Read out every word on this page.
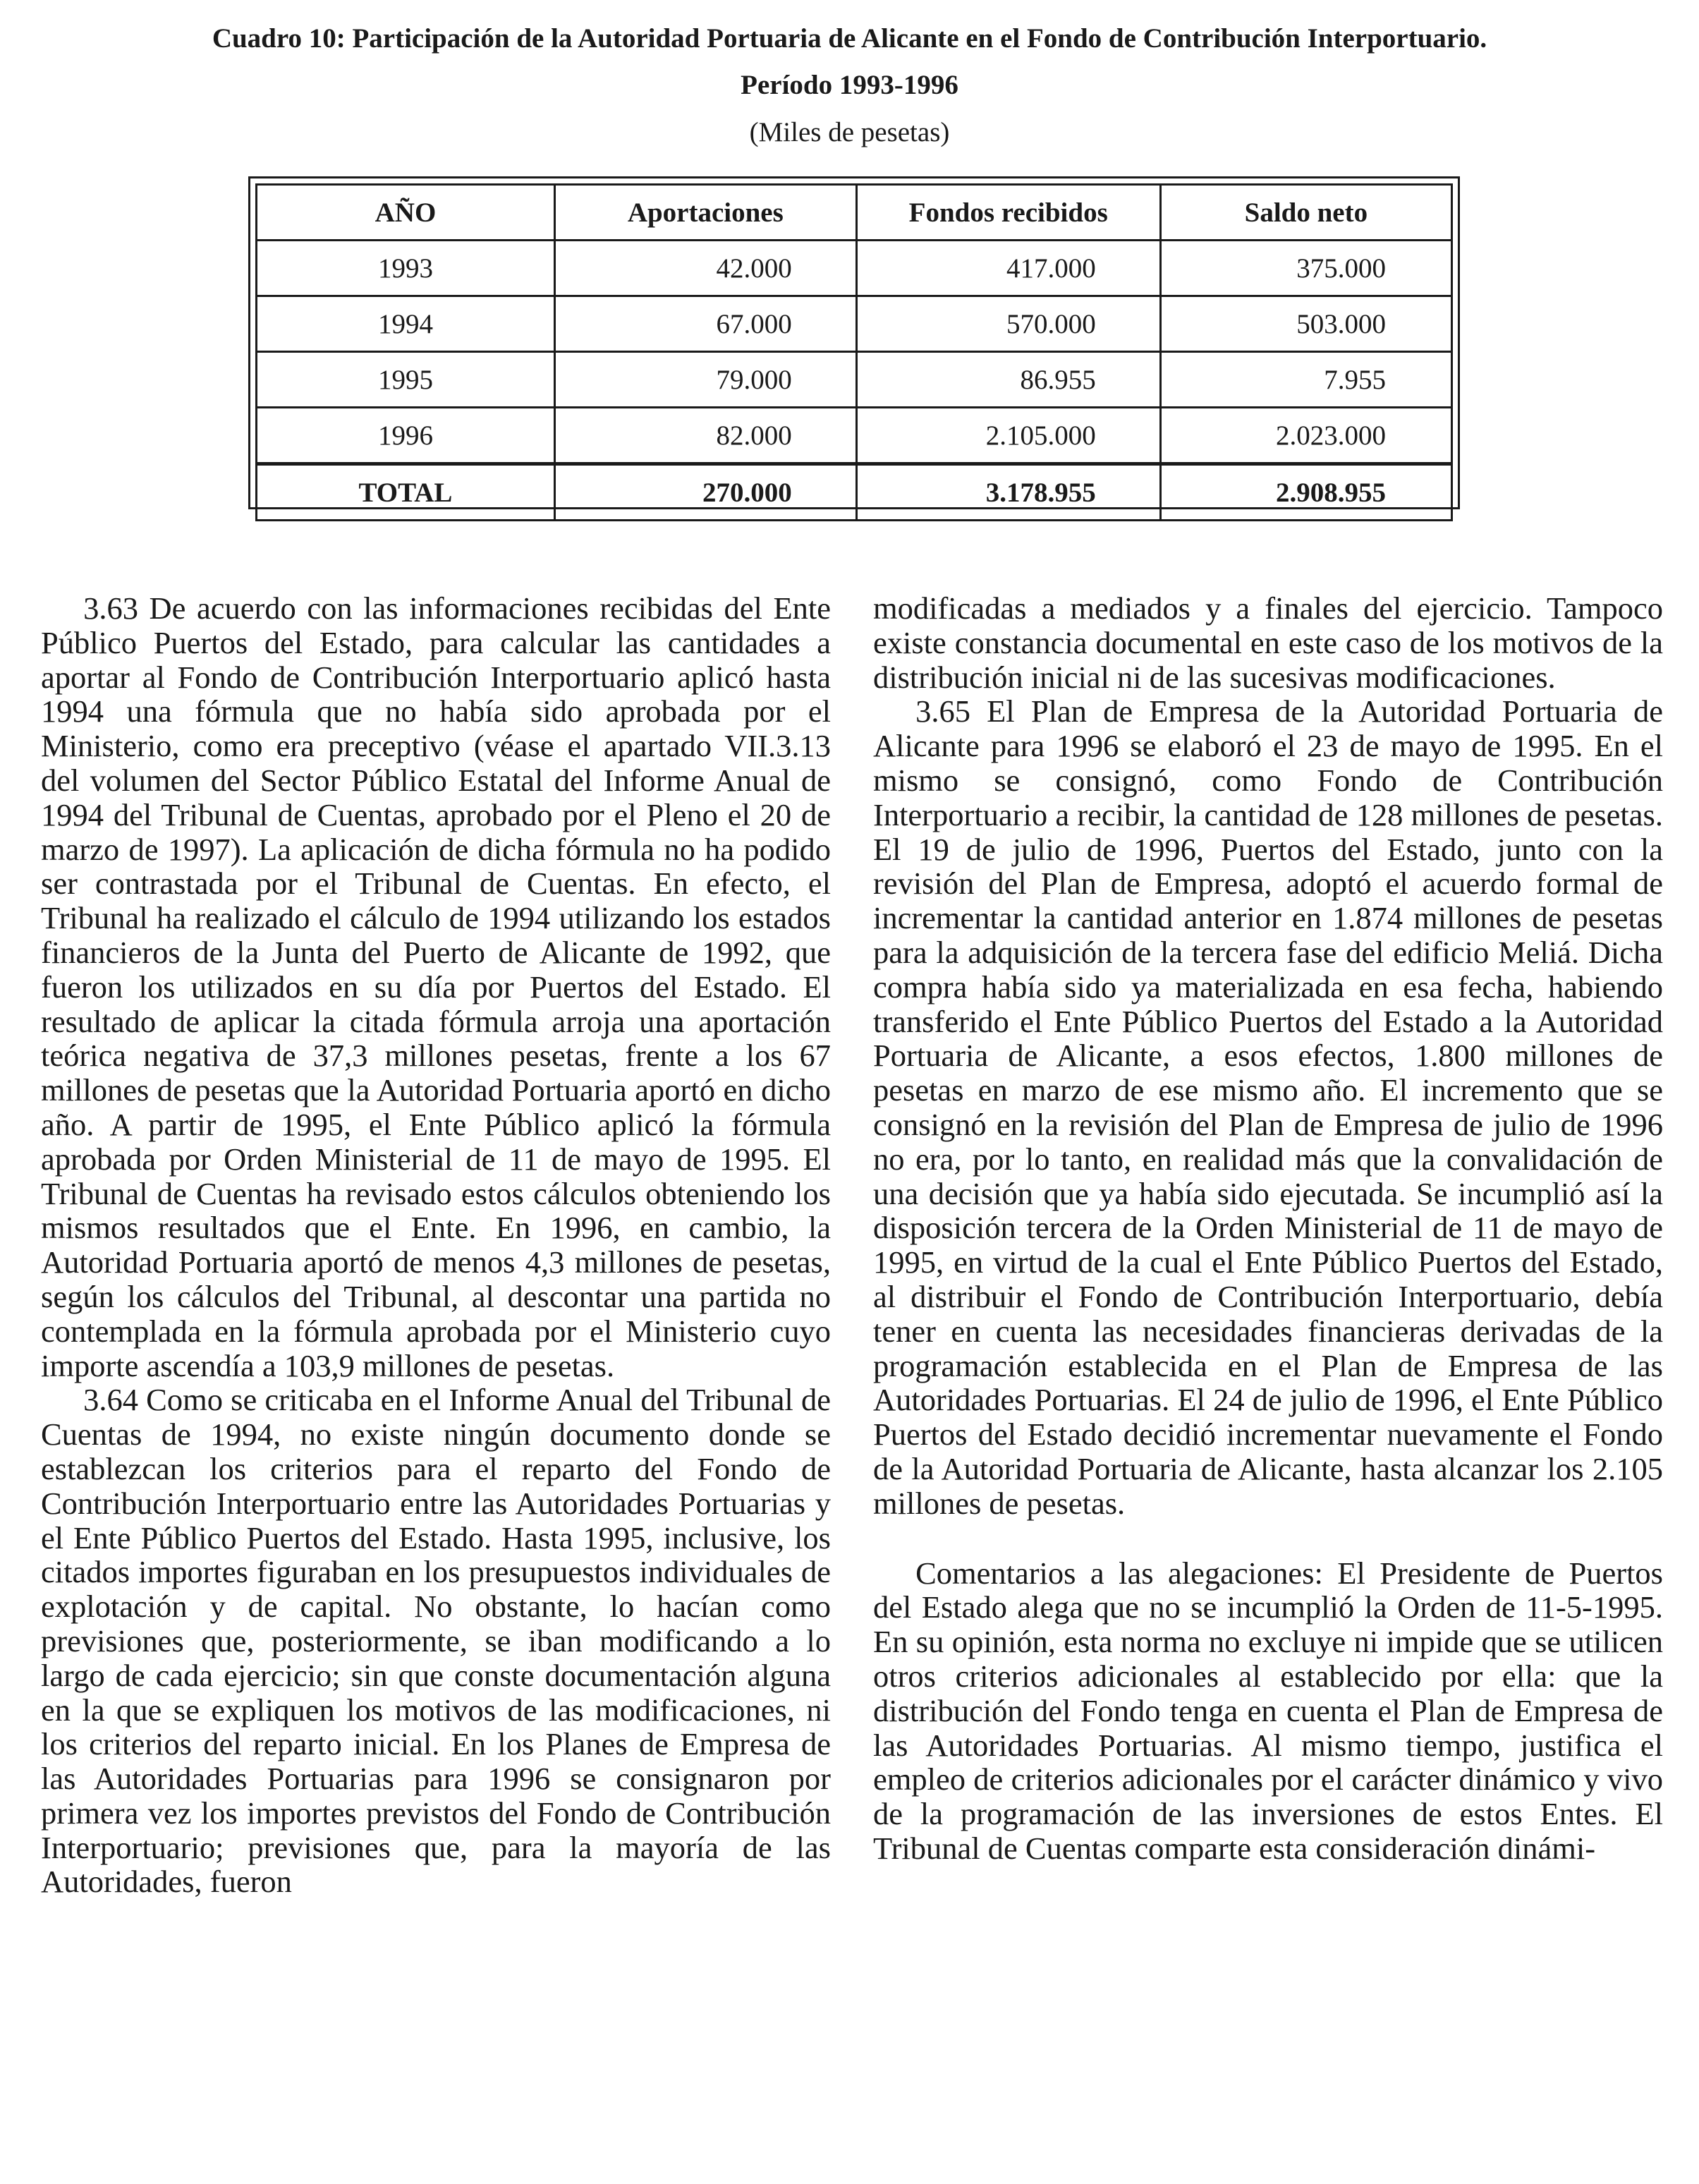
Cuadro 10: Participación de la Autoridad Portuaria de Alicante en el Fondo de Contribución Interportuario.
Período 1993-1996
(Miles de pesetas)
AÑO	Aportaciones	Fondos recibidos	Saldo neto
1993	42.000	417.000	375.000
1994	67.000	570.000	503.000
1995	79.000	86.955	7.955
1996	82.000	2.105.000	2.023.000
TOTAL	270.000	3.178.955	2.908.955

3.63 De acuerdo con las informaciones recibidas del Ente Público Puertos del Estado, para calcular las cantidades a aportar al Fondo de Contribución Interportuario aplicó hasta 1994 una fórmula que no había sido aprobada por el Ministerio, como era preceptivo (véase el apartado VII.3.13 del volumen del Sector Público Estatal del Informe Anual de 1994 del Tribunal de Cuentas, aprobado por el Pleno el 20 de marzo de 1997). La aplicación de dicha fórmula no ha podido ser contrastada por el Tribunal de Cuentas. En efecto, el Tribunal ha realizado el cálculo de 1994 utilizando los estados financieros de la Junta del Puerto de Alicante de 1992, que fueron los utilizados en su día por Puertos del Estado. El resultado de aplicar la citada fórmula arroja una aportación teórica negativa de 37,3 millones pesetas, frente a los 67 millones de pesetas que la Autoridad Portuaria aportó en dicho año. A partir de 1995, el Ente Público aplicó la fórmula aprobada por Orden Ministerial de 11 de mayo de 1995. El Tribunal de Cuentas ha revisado estos cálculos obteniendo los mismos resultados que el Ente. En 1996, en cambio, la Autoridad Portuaria aportó de menos 4,3 millones de pesetas, según los cálculos del Tribunal, al descontar una partida no contemplada en la fórmula aprobada por el Ministerio cuyo importe ascendía a 103,9 millones de pesetas.

3.64 Como se criticaba en el Informe Anual del Tribunal de Cuentas de 1994, no existe ningún documento donde se establezcan los criterios para el reparto del Fondo de Contribución Interportuario entre las Autoridades Portuarias y el Ente Público Puertos del Estado. Hasta 1995, inclusive, los citados importes figuraban en los presupuestos individuales de explotación y de capital. No obstante, lo hacían como previsiones que, posteriormente, se iban modificando a lo largo de cada ejercicio; sin que conste documentación alguna en la que se expliquen los motivos de las modificaciones, ni los criterios del reparto inicial. En los Planes de Empresa de las Autoridades Portuarias para 1996 se consignaron por primera vez los importes previstos del Fondo de Contribución Interportuario; previsiones que, para la mayoría de las Autoridades, fueron

modificadas a mediados y a finales del ejercicio. Tampoco existe constancia documental en este caso de los motivos de la distribución inicial ni de las sucesivas modificaciones.

3.65 El Plan de Empresa de la Autoridad Portuaria de Alicante para 1996 se elaboró el 23 de mayo de 1995. En el mismo se consignó, como Fondo de Contribución Interportuario a recibir, la cantidad de 128 millones de pesetas. El 19 de julio de 1996, Puertos del Estado, junto con la revisión del Plan de Empresa, adoptó el acuerdo formal de incrementar la cantidad anterior en 1.874 millones de pesetas para la adquisición de la tercera fase del edificio Meliá. Dicha compra había sido ya materializada en esa fecha, habiendo transferido el Ente Público Puertos del Estado a la Autoridad Portuaria de Alicante, a esos efectos, 1.800 millones de pesetas en marzo de ese mismo año. El incremento que se consignó en la revisión del Plan de Empresa de julio de 1996 no era, por lo tanto, en realidad más que la convalidación de una decisión que ya había sido ejecutada. Se incumplió así la disposición tercera de la Orden Ministerial de 11 de mayo de 1995, en virtud de la cual el Ente Público Puertos del Estado, al distribuir el Fondo de Contribución Interportuario, debía tener en cuenta las necesidades financieras derivadas de la programación establecida en el Plan de Empresa de las Autoridades Portuarias. El 24 de julio de 1996, el Ente Público Puertos del Estado decidió incrementar nuevamente el Fondo de la Autoridad Portuaria de Alicante, hasta alcanzar los 2.105 millones de pesetas.

Comentarios a las alegaciones: El Presidente de Puertos del Estado alega que no se incumplió la Orden de 11-5-1995. En su opinión, esta norma no excluye ni impide que se utilicen otros criterios adicionales al establecido por ella: que la distribución del Fondo tenga en cuenta el Plan de Empresa de las Autoridades Portuarias. Al mismo tiempo, justifica el empleo de criterios adicionales por el carácter dinámico y vivo de la programación de las inversiones de estos Entes. El Tribunal de Cuentas comparte esta consideración dinámi-
